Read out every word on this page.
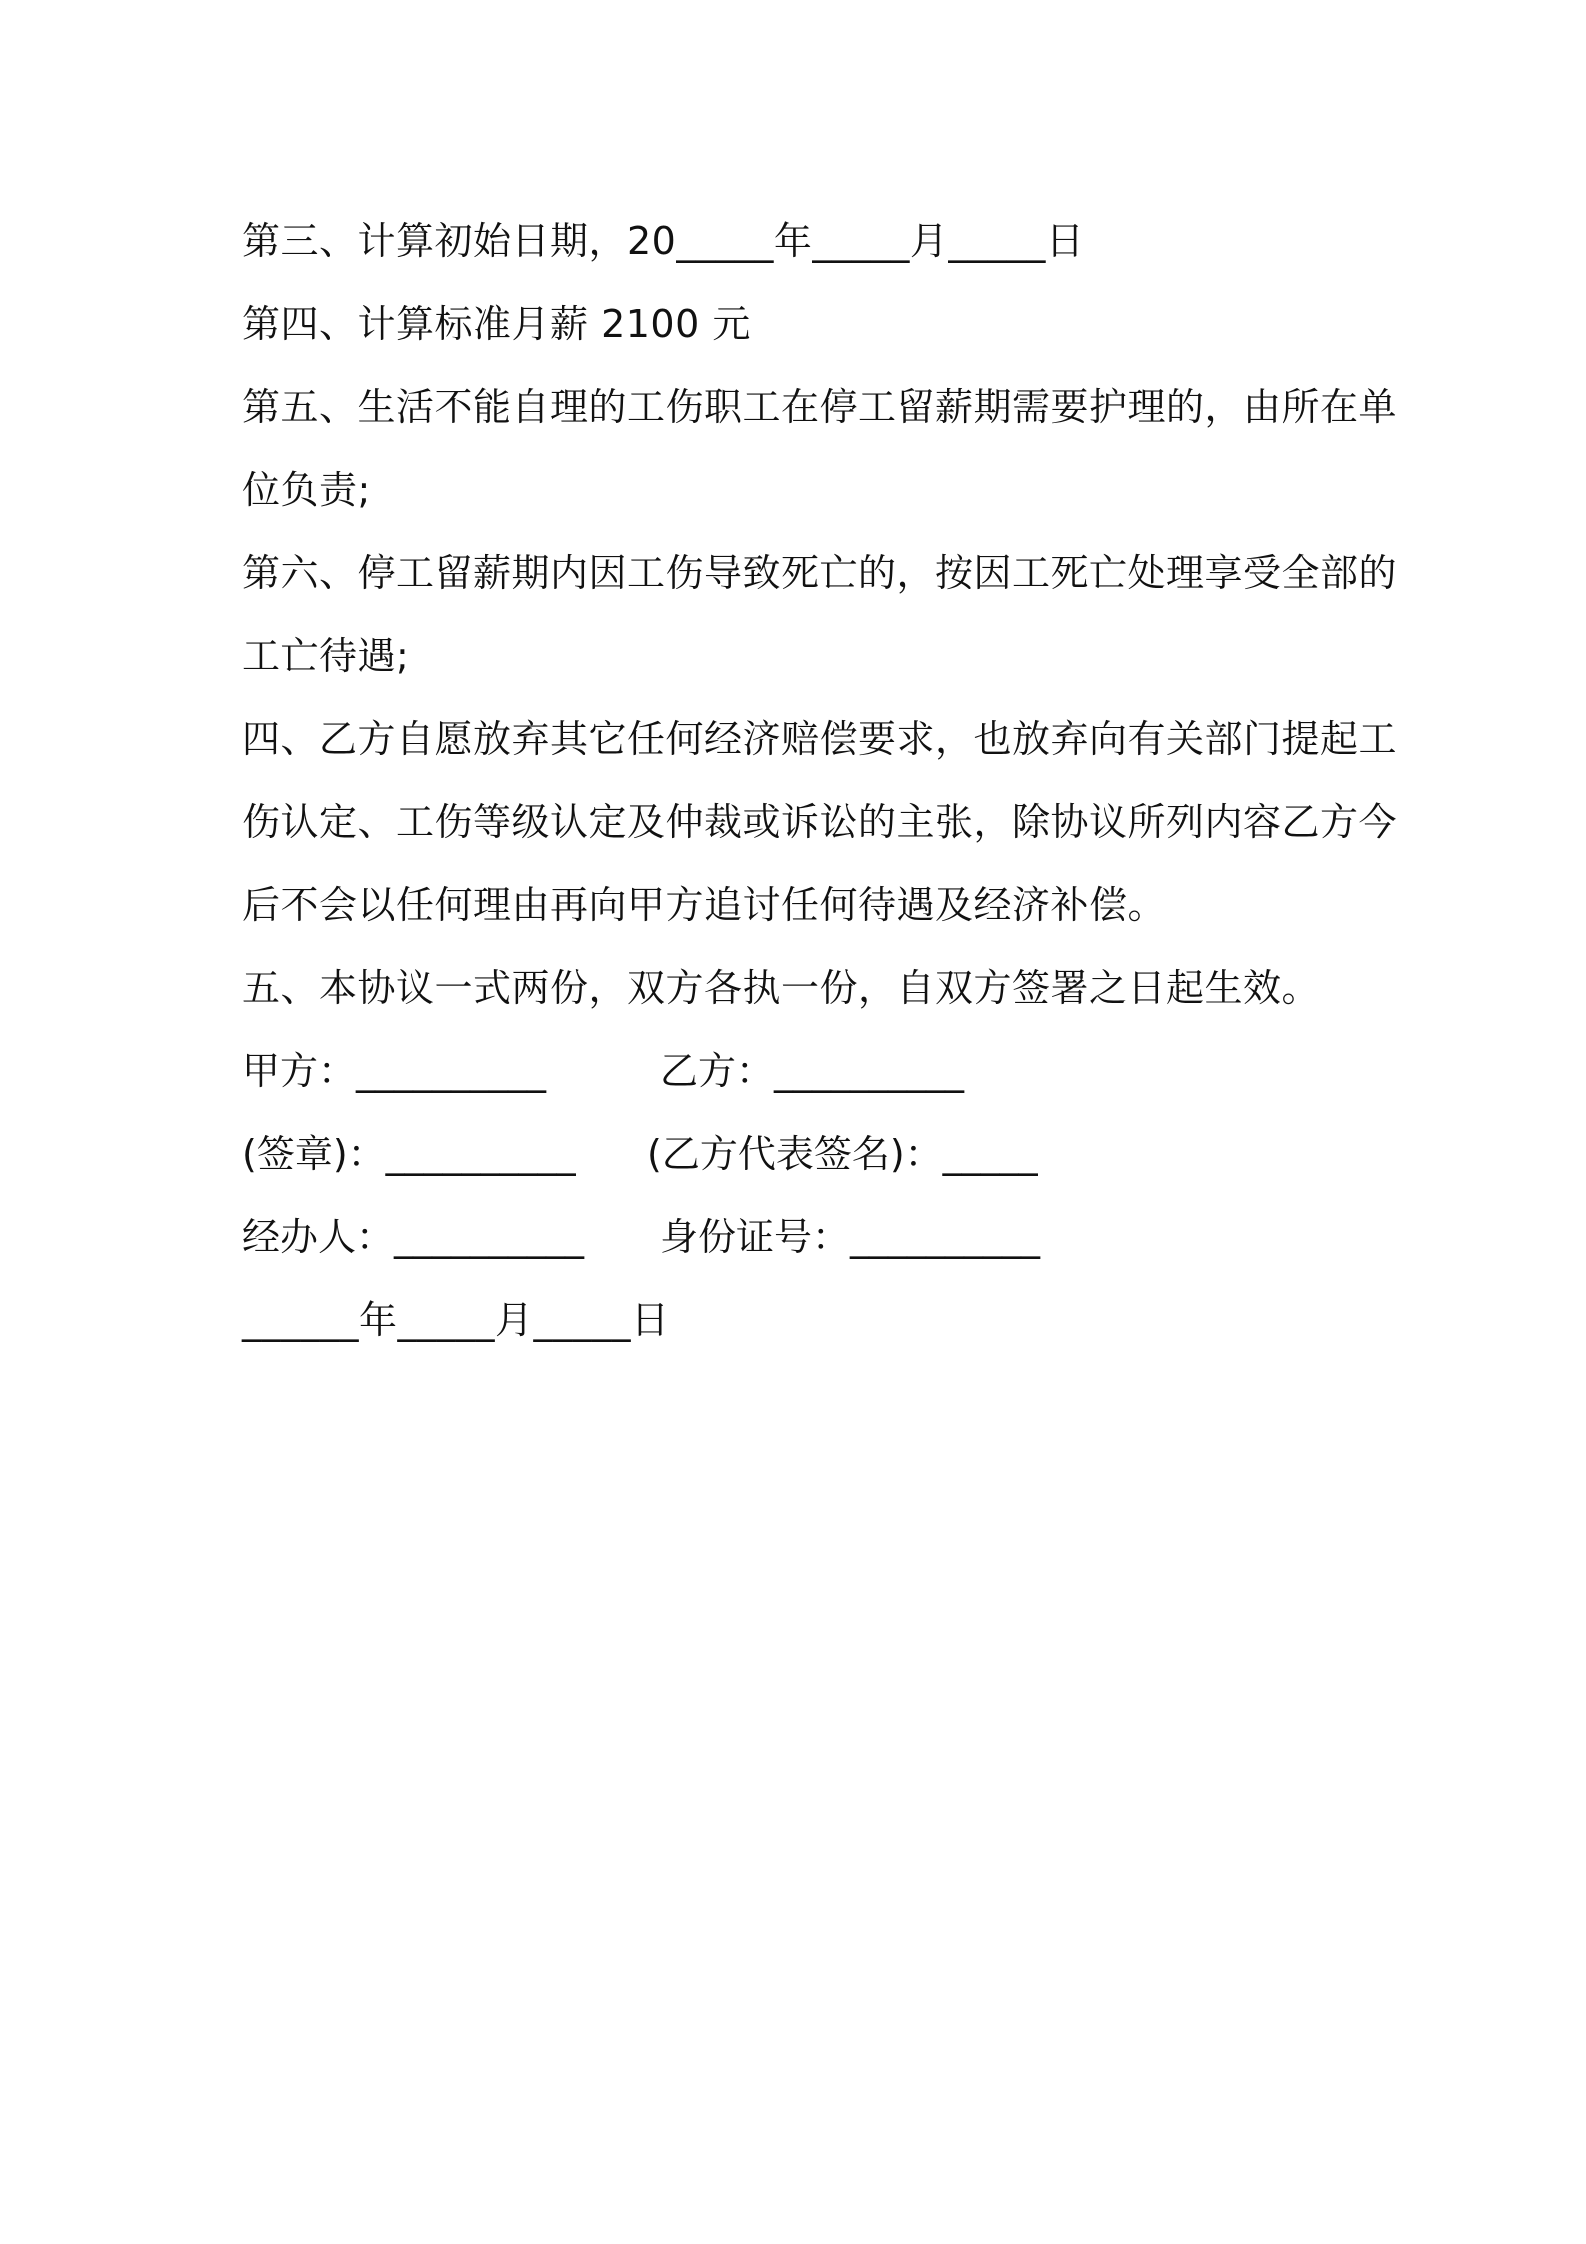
第三、计算初始日期，20_____年_____月_____日
第四、计算标准月薪 2100 元
第五、生活不能自理的工伤职工在停工留薪期需要护理的，由所在单
位负责;
第六、停工留薪期内因工伤导致死亡的，按因工死亡处理享受全部的
工亡待遇;
四、乙方自愿放弃其它任何经济赔偿要求，也放弃向有关部门提起工
伤认定、工伤等级认定及仲裁或诉讼的主张，除协议所列内容乙方今
后不会以任何理由再向甲方追讨任何待遇及经济补偿。
五、本协议一式两份，双方各执一份，自双方签署之日起生效。
甲方：__________	乙方：__________
(签章)：__________	(乙方代表签名)：_____
经办人：__________	身份证号：__________
______年_____月_____日
